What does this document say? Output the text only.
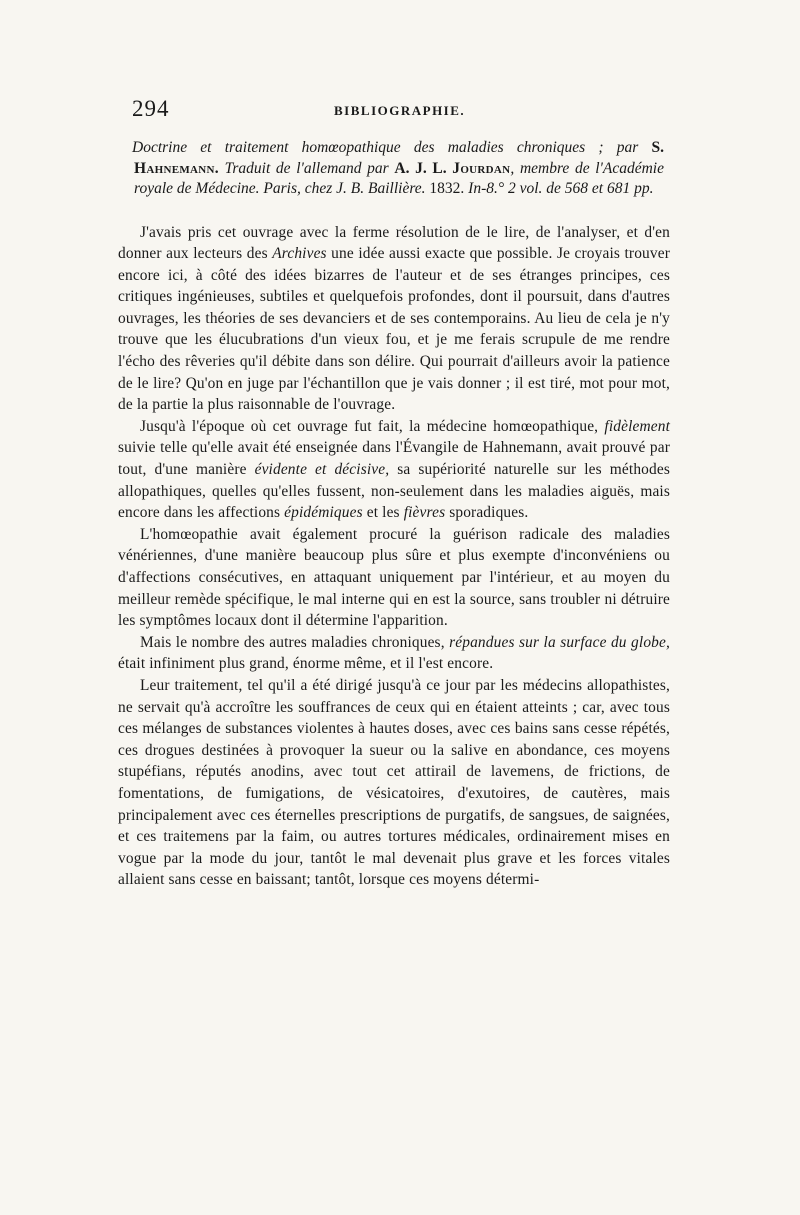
294	BIBLIOGRAPHIE.
Doctrine et traitement homœopathique des maladies chroniques ; par S. Hahnemann. Traduit de l'allemand par A. J. L. Jourdan, membre de l'Académie royale de Médecine. Paris, chez J. B. Baillière. 1832. In-8.° 2 vol. de 568 et 681 pp.

J'avais pris cet ouvrage avec la ferme résolution de le lire, de l'analyser, et d'en donner aux lecteurs des Archives une idée aussi exacte que possible. Je croyais trouver encore ici, à côté des idées bizarres de l'auteur et de ses étranges principes, ces critiques ingénieuses, subtiles et quelquefois profondes, dont il poursuit, dans d'autres ouvrages, les théories de ses devanciers et de ses contemporains. Au lieu de cela je n'y trouve que les élucubrations d'un vieux fou, et je me ferais scrupule de me rendre l'écho des rêveries qu'il débite dans son délire. Qui pourrait d'ailleurs avoir la patience de le lire? Qu'on en juge par l'échantillon que je vais donner ; il est tiré, mot pour mot, de la partie la plus raisonnable de l'ouvrage.

Jusqu'à l'époque où cet ouvrage fut fait, la médecine homœopathique, fidèlement suivie telle qu'elle avait été enseignée dans l'Évangile de Hahnemann, avait prouvé par tout, d'une manière évidente et décisive, sa supériorité naturelle sur les méthodes allopathiques, quelles qu'elles fussent, non-seulement dans les maladies aiguës, mais encore dans les affections épidémiques et les fièvres sporadiques.

L'homœopathie avait également procuré la guérison radicale des maladies vénériennes, d'une manière beaucoup plus sûre et plus exempte d'inconvéniens ou d'affections consécutives, en attaquant uniquement par l'intérieur, et au moyen du meilleur remède spécifique, le mal interne qui en est la source, sans troubler ni détruire les symptômes locaux dont il détermine l'apparition.

Mais le nombre des autres maladies chroniques, répandues sur la surface du globe, était infiniment plus grand, énorme même, et il l'est encore.

Leur traitement, tel qu'il a été dirigé jusqu'à ce jour par les médecins allopathistes, ne servait qu'à accroître les souffrances de ceux qui en étaient atteints ; car, avec tous ces mélanges de substances violentes à hautes doses, avec ces bains sans cesse répétés, ces drogues destinées à provoquer la sueur ou la salive en abondance, ces moyens stupéfians, réputés anodins, avec tout cet attirail de lavemens, de frictions, de fomentations, de fumigations, de vésicatoires, d'exutoires, de cautères, mais principalement avec ces éternelles prescriptions de purgatifs, de sangsues, de saignées, et ces traitemens par la faim, ou autres tortures médicales, ordinairement mises en vogue par la mode du jour, tantôt le mal devenait plus grave et les forces vitales allaient sans cesse en baissant; tantôt, lorsque ces moyens détermi-
